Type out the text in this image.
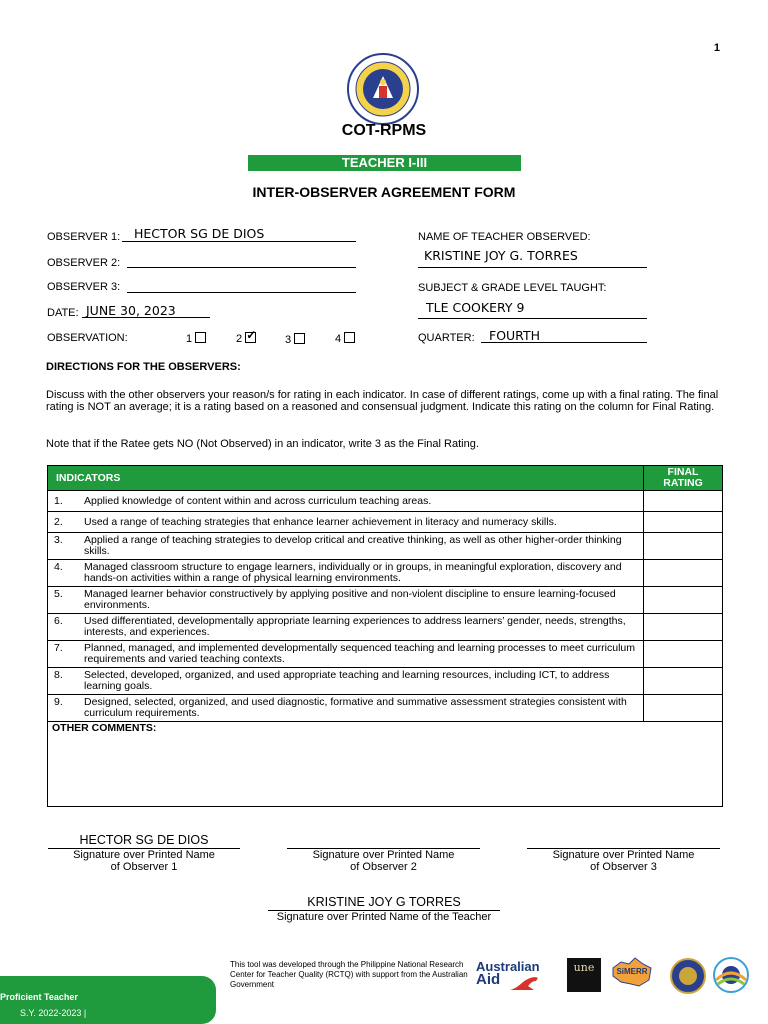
1
COT-RPMS
TEACHER I-III
INTER-OBSERVER AGREEMENT FORM
OBSERVER 1: HECTOR SG DE DIOS
OBSERVER 2:
OBSERVER 3:
DATE: JUNE 30, 2023
OBSERVATION:	1	2 ✓	3	4
NAME OF TEACHER OBSERVED:
KRISTINE JOY G. TORRES
SUBJECT & GRADE LEVEL TAUGHT:
TLE COOKERY 9
QUARTER: FOURTH
DIRECTIONS FOR THE OBSERVERS:
Discuss with the other observers your reason/s for rating in each indicator. In case of different ratings, come up with a final rating. The final rating is NOT an average; it is a rating based on a reasoned and consensual judgment. Indicate this rating on the column for Final Rating.
Note that if the Ratee gets NO (Not Observed) in an indicator, write 3 as the Final Rating.
INDICATORS	FINAL
RATING

1. Applied knowledge of content within and across curriculum teaching areas.	

2. Used a range of teaching strategies that enhance learner achievement in literacy and numeracy skills.	

3. Applied a range of teaching strategies to develop critical and creative thinking, as well as other higher-order thinking skills.	

4. Managed classroom structure to engage learners, individually or in groups, in meaningful exploration, discovery and hands-on activities within a range of physical learning environments.	

5. Managed learner behavior constructively by applying positive and non-violent discipline to ensure learning-focused environments.	

6. Used differentiated, developmentally appropriate learning experiences to address learners’ gender, needs, strengths, interests, and experiences.	

7. Planned, managed, and implemented developmentally sequenced teaching and learning processes to meet curriculum requirements and varied teaching contexts.	

8. Selected, developed, organized, and used appropriate teaching and learning resources, including ICT, to address learning goals.	

9. Designed, selected, organized, and used diagnostic, formative and summative assessment strategies consistent with curriculum requirements.	

OTHER COMMENTS:	
HECTOR SG DE DIOS
Signature over Printed Name
of Observer 1
Signature over Printed Name
of Observer 2
Signature over Printed Name
of Observer 3
KRISTINE JOY G TORRES
Signature over Printed Name of the Teacher
S.Y. 2022-2023 |
Proficient Teacher
This tool was developed through the Philippine National Research Center for Teacher Quality (RCTQ) with support from the Australian Government
Australian
Aid
une	SiMERR
